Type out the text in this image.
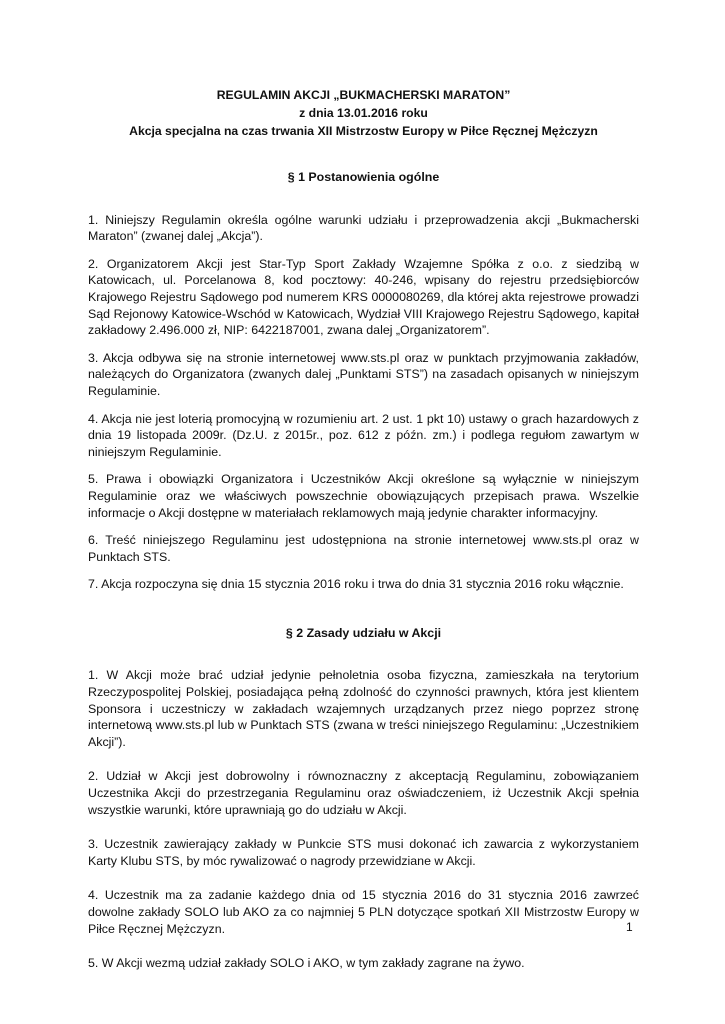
REGULAMIN AKCJI „BUKMACHERSKI MARATON”
z dnia 13.01.2016 roku
Akcja specjalna na czas trwania XII Mistrzostw Europy w Piłce Ręcznej Mężczyzn

§ 1 Postanowienia ogólne

1. Niniejszy Regulamin określa ogólne warunki udziału i przeprowadzenia akcji „Bukmacherski Maraton” (zwanej dalej „Akcja”).

2. Organizatorem Akcji jest Star-Typ Sport Zakłady Wzajemne Spółka z o.o. z siedzibą w Katowicach, ul. Porcelanowa 8, kod pocztowy: 40-246, wpisany do rejestru przedsiębiorców Krajowego Rejestru Sądowego pod numerem KRS 0000080269, dla której akta rejestrowe prowadzi Sąd Rejonowy Katowice-Wschód w Katowicach, Wydział VIII Krajowego Rejestru Sądowego, kapitał zakładowy 2.496.000 zł, NIP: 6422187001, zwana dalej „Organizatorem”.

3. Akcja odbywa się na stronie internetowej www.sts.pl oraz w punktach przyjmowania zakładów, należących do Organizatora (zwanych dalej „Punktami STS”) na zasadach opisanych w niniejszym Regulaminie.

4. Akcja nie jest loterią promocyjną w rozumieniu art. 2 ust. 1 pkt 10) ustawy o grach hazardowych z dnia 19 listopada 2009r. (Dz.U. z 2015r., poz. 612 z późn. zm.) i podlega regułom zawartym w niniejszym Regulaminie.

5. Prawa i obowiązki Organizatora i Uczestników Akcji określone są wyłącznie w niniejszym Regulaminie oraz we właściwych powszechnie obowiązujących przepisach prawa. Wszelkie informacje o Akcji dostępne w materiałach reklamowych mają jedynie charakter informacyjny.

6. Treść niniejszego Regulaminu jest udostępniona na stronie internetowej www.sts.pl oraz w Punktach STS.

7. Akcja rozpoczyna się dnia 15 stycznia 2016 roku i trwa do dnia 31 stycznia 2016 roku włącznie.

§ 2 Zasady udziału w Akcji

1. W Akcji może brać udział jedynie pełnoletnia osoba fizyczna, zamieszkała na terytorium Rzeczypospolitej Polskiej, posiadająca pełną zdolność do czynności prawnych, która jest klientem Sponsora i uczestniczy w zakładach wzajemnych urządzanych przez niego poprzez stronę internetową www.sts.pl lub w Punktach STS (zwana w treści niniejszego Regulaminu: „Uczestnikiem Akcji”).

2. Udział w Akcji jest dobrowolny i równoznaczny z akceptacją Regulaminu, zobowiązaniem Uczestnika Akcji do przestrzegania Regulaminu oraz oświadczeniem, iż Uczestnik Akcji spełnia wszystkie warunki, które uprawniają go do udziału w Akcji.

3. Uczestnik zawierający zakłady w Punkcie STS musi dokonać ich zawarcia z wykorzystaniem Karty Klubu STS, by móc rywalizować o nagrody przewidziane w Akcji.

4. Uczestnik ma za zadanie każdego dnia od 15 stycznia 2016 do 31 stycznia 2016 zawrzeć dowolne zakłady SOLO lub AKO za co najmniej 5 PLN dotyczące spotkań XII Mistrzostw Europy w Piłce Ręcznej Mężczyzn.

5. W Akcji wezmą udział zakłady SOLO i AKO, w tym zakłady zagrane na żywo.

1
